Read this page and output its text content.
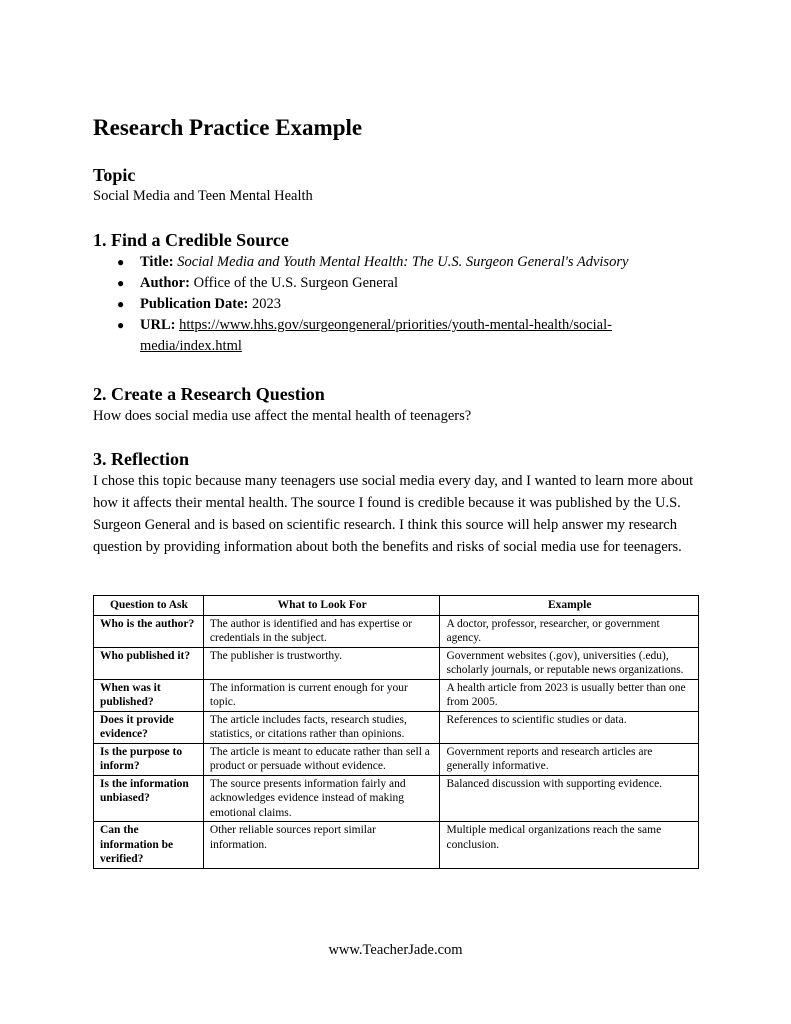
Research Practice Example
Topic

Social Media and Teen Mental Health

1. Find a Credible Source
● Title: Social Media and Youth Mental Health: The U.S. Surgeon General's Advisory
● Author: Office of the U.S. Surgeon General
● Publication Date: 2023
● URL: https://www.hhs.gov/surgeongeneral/priorities/youth-mental-health/social-media/index.html
2. Create a Research Question

How does social media use affect the mental health of teenagers?

3. Reflection

I chose this topic because many teenagers use social media every day, and I wanted to learn more about how it affects their mental health. The source I found is credible because it was published by the U.S. Surgeon General and is based on scientific research. I think this source will help answer my research question by providing information about both the benefits and risks of social media use for teenagers.

Question to Ask	What to Look For	Example
Who is the author?	The author is identified and has expertise or credentials in the subject.	A doctor, professor, researcher, or government agency.
Who published it?	The publisher is trustworthy.	Government websites (.gov), universities (.edu), scholarly journals, or reputable news organizations.
When was it published?	The information is current enough for your topic.	A health article from 2023 is usually better than one from 2005.
Does it provide evidence?	The article includes facts, research studies, statistics, or citations rather than opinions.	References to scientific studies or data.
Is the purpose to inform?	The article is meant to educate rather than sell a product or persuade without evidence.	Government reports and research articles are generally informative.
Is the information unbiased?	The source presents information fairly and acknowledges evidence instead of making emotional claims.	Balanced discussion with supporting evidence.
Can the information be verified?	Other reliable sources report similar information.	Multiple medical organizations reach the same conclusion.
www.TeacherJade.com
